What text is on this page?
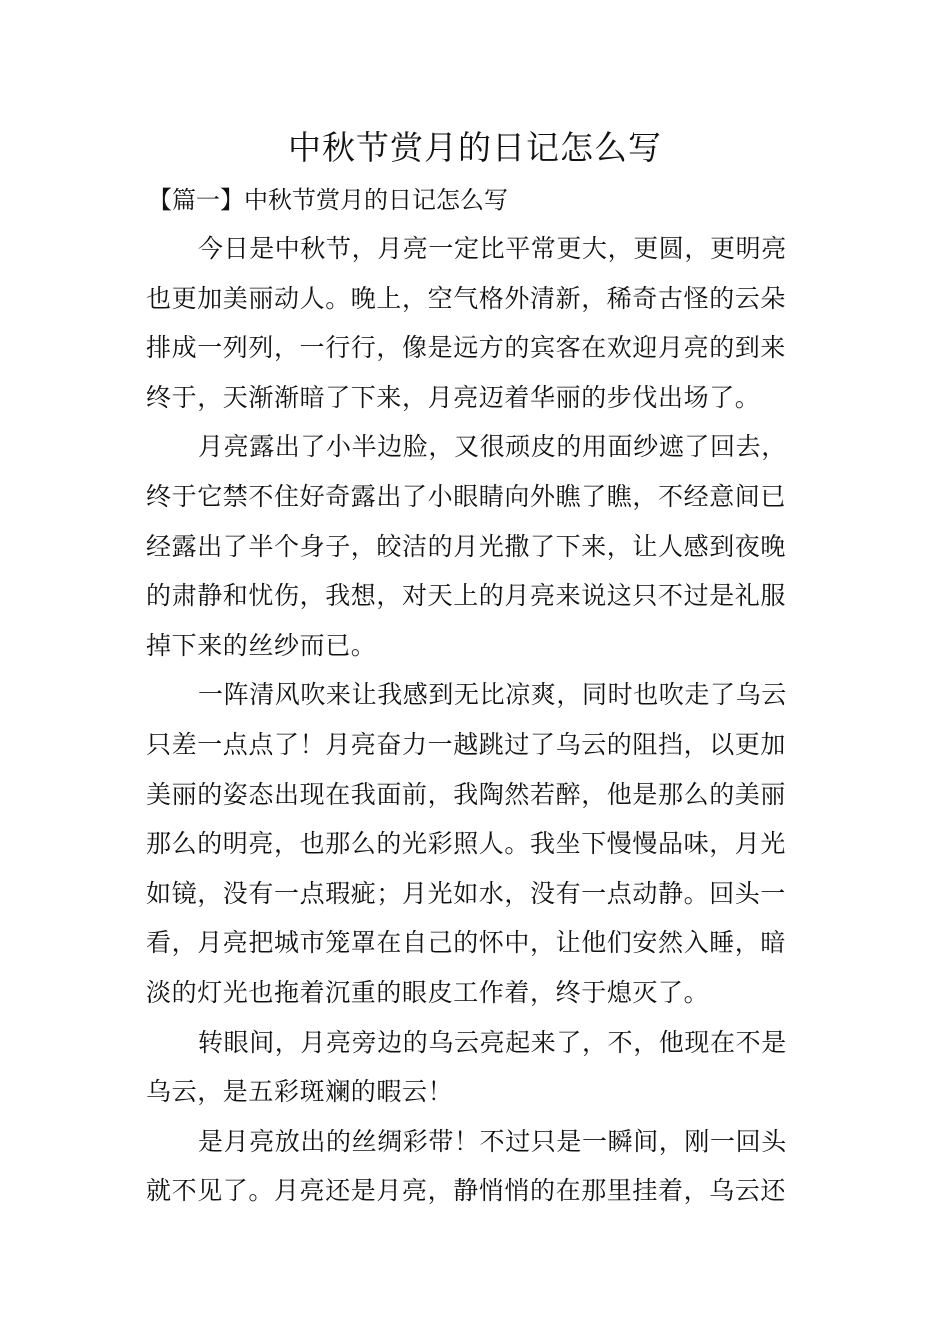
中秋节赏月的日记怎么写

【篇一】中秋节赏月的日记怎么写

今日是中秋节，月亮一定比平常更大，更圆，更明亮
也更加美丽动人。晚上，空气格外清新，稀奇古怪的云朵
排成一列列，一行行，像是远方的宾客在欢迎月亮的到来
终于，天渐渐暗了下来，月亮迈着华丽的步伐出场了。
月亮露出了小半边脸，又很顽皮的用面纱遮了回去，
终于它禁不住好奇露出了小眼睛向外瞧了瞧，不经意间已
经露出了半个身子，皎洁的月光撒了下来，让人感到夜晚
的肃静和忧伤，我想，对天上的月亮来说这只不过是礼服
掉下来的丝纱而已。
一阵清风吹来让我感到无比凉爽，同时也吹走了乌云
只差一点点了！月亮奋力一越跳过了乌云的阻挡，以更加
美丽的姿态出现在我面前，我陶然若醉，他是那么的美丽
那么的明亮，也那么的光彩照人。我坐下慢慢品味，月光
如镜，没有一点瑕疵；月光如水，没有一点动静。回头一
看，月亮把城市笼罩在自己的怀中，让他们安然入睡，暗
淡的灯光也拖着沉重的眼皮工作着，终于熄灭了。
转眼间，月亮旁边的乌云亮起来了，不，他现在不是
乌云，是五彩斑斓的暇云！
是月亮放出的丝绸彩带！不过只是一瞬间，刚一回头
就不见了。月亮还是月亮，静悄悄的在那里挂着，乌云还
